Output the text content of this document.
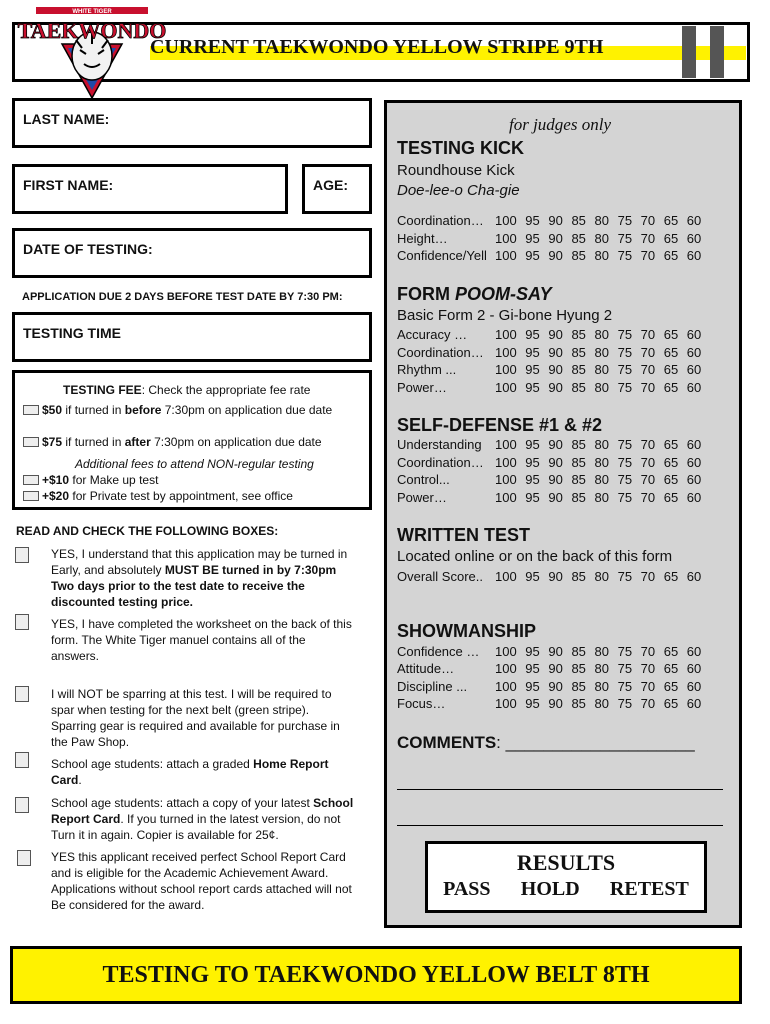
CURRENT TAEKWONDO YELLOW STRIPE 9TH
WHITE TIGER
TAEKWONDO
LAST NAME:
FIRST NAME:	AGE:
DATE OF TESTING:
APPLICATION DUE 2 DAYS BEFORE TEST DATE BY 7:30 PM:
TESTING TIME
TESTING FEE: Check the appropriate fee rate
$50 if turned in before 7:30pm on application due date
$75 if turned in after 7:30pm on application due date
Additional fees to attend NON-regular testing
+$10 for Make up test
+$20 for Private test by appointment, see office
READ AND CHECK THE FOLLOWING BOXES:
YES, I understand that this application may be turned in
Early, and absolutely MUST BE turned in by 7:30pm
Two days prior to the test date to receive the
discounted testing price.
YES, I have completed the worksheet on the back of this
form. The White Tiger manuel contains all of the
answers.
I will NOT be sparring at this test. I will be required to
spar when testing for the next belt (green stripe).
Sparring gear is required and available for purchase in
the Paw Shop.
School age students: attach a graded Home Report
Card.
School age students: attach a copy of your latest School
Report Card. If you turned in the latest version, do not
Turn it in again. Copier is available for 25¢.
YES this applicant received perfect School Report Card
and is eligible for the Academic Achievement Award.
Applications without school report cards attached will not
Be considered for the award.
for judges only
TESTING KICK
Roundhouse Kick
Doe-lee-o Cha-gie
Coordination… 100 95 90 85 80 75 70 65 60
Height…	100 95 90 85 80 75 70 65 60
Confidence/Yell 100 95 90 85 80 75 70 65 60
FORM POOM-SAY
Basic Form 2 - Gi-bone Hyung 2
Accuracy … 100 95 90 85 80 75 70 65 60
Coordination… 100 95 90 85 80 75 70 65 60
Rhythm ...	100 95 90 85 80 75 70 65 60
Power…	100 95 90 85 80 75 70 65 60
SELF-DEFENSE #1 & #2
Understanding 100 95 90 85 80 75 70 65 60
Coordination… 100 95 90 85 80 75 70 65 60
Control...	100 95 90 85 80 75 70 65 60
Power…	100 95 90 85 80 75 70 65 60
WRITTEN TEST
Located online or on the back of this form
Overall Score.. 100 95 90 85 80 75 70 65 60
SHOWMANSHIP
Confidence … 100 95 90 85 80 75 70 65 60
Attitude…	100 95 90 85 80 75 70 65 60
Discipline ... 100 95 90 85 80 75 70 65 60
Focus…	100 95 90 85 80 75 70 65 60
COMMENTS: ____________________
RESULTS
PASS HOLD RETEST
TESTING TO TAEKWONDO YELLOW BELT 8TH
